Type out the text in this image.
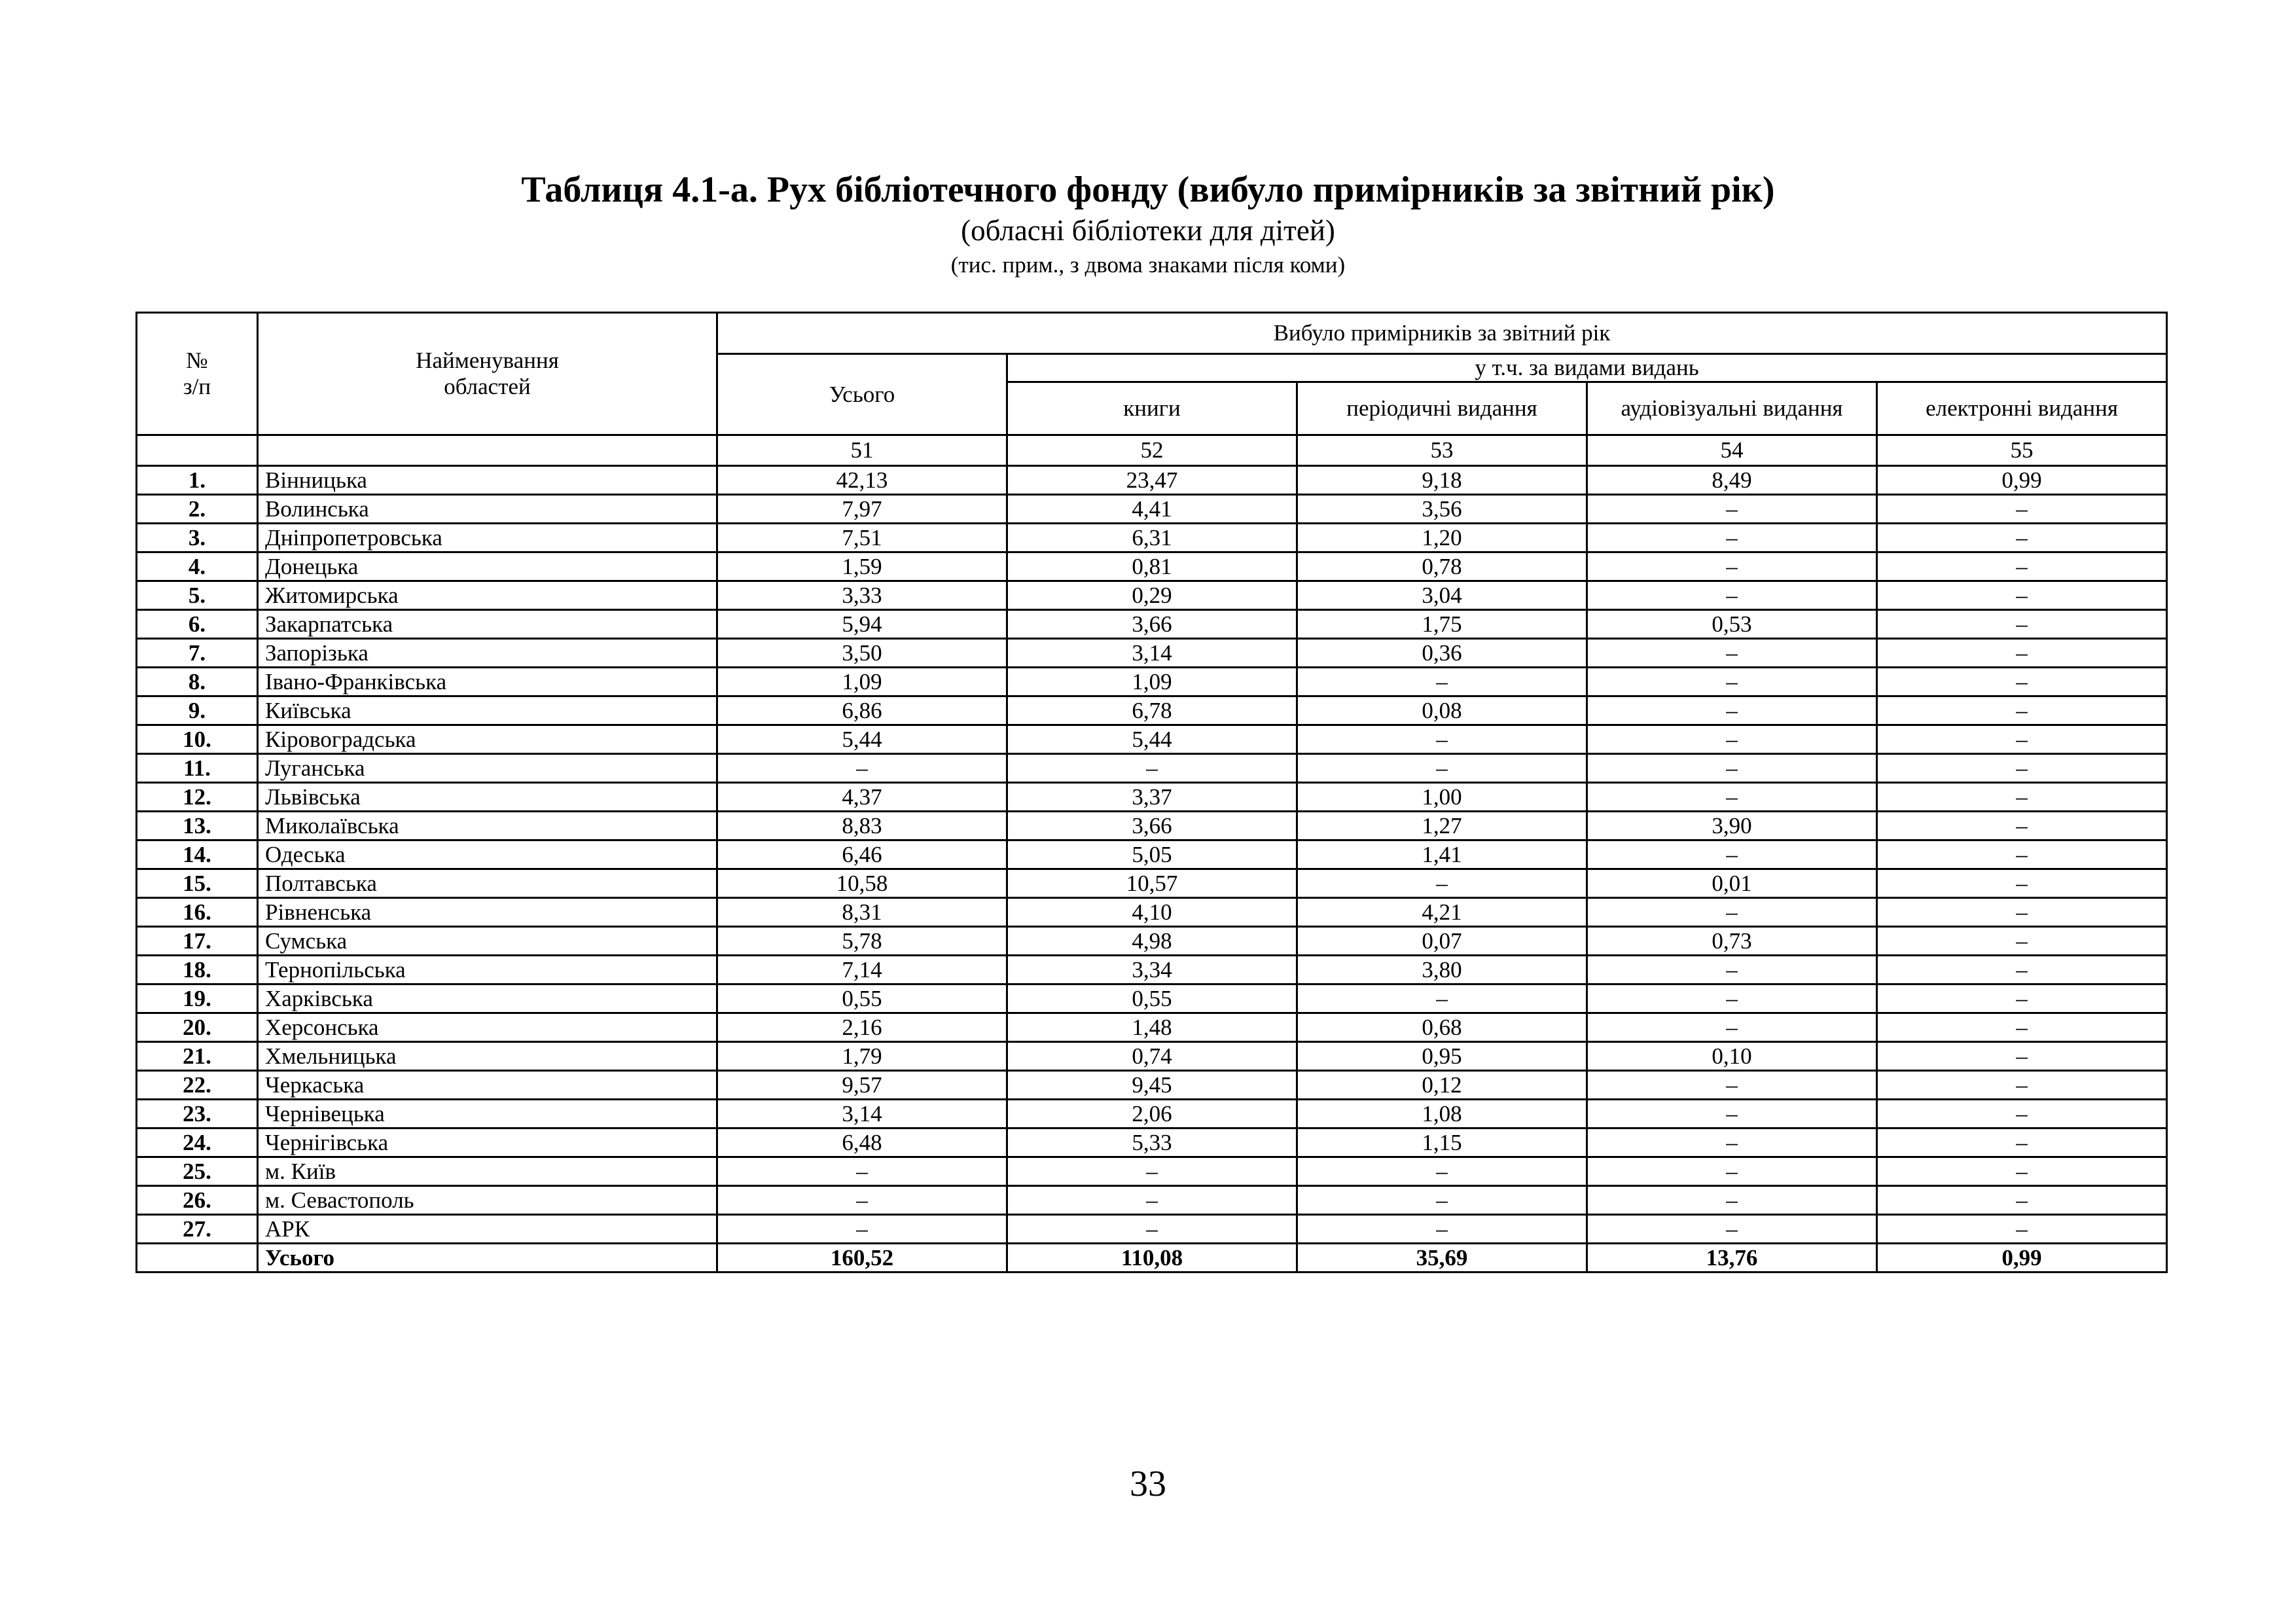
Таблиця 4.1-а. Рух бібліотечного фонду (вибуло примірників за звітний рік)
(обласні бібліотеки для дітей)
(тис. прим., з двома знаками після коми)
№
з/п	Найменування
областей	Вибуло примірників за звітний рік				
		Усього	у т.ч. за видами видань			
			книги	періодичні видання	аудіовізуальні видання	електронні видання
		51	52	53	54	55
1.	Вінницька	42,13	23,47	9,18	8,49	0,99
2.	Волинська	7,97	4,41	3,56	–	–
3.	Дніпропетровська	7,51	6,31	1,20	–	–
4.	Донецька	1,59	0,81	0,78	–	–
5.	Житомирська	3,33	0,29	3,04	–	–
6.	Закарпатська	5,94	3,66	1,75	0,53	–
7.	Запорізька	3,50	3,14	0,36	–	–
8.	Івано-Франківська	1,09	1,09	–	–	–
9.	Київська	6,86	6,78	0,08	–	–
10.	Кіровоградська	5,44	5,44	–	–	–
11.	Луганська	–	–	–	–	–
12.	Львівська	4,37	3,37	1,00	–	–
13.	Миколаївська	8,83	3,66	1,27	3,90	–
14.	Одеська	6,46	5,05	1,41	–	–
15.	Полтавська	10,58	10,57	–	0,01	–
16.	Рівненська	8,31	4,10	4,21	–	–
17.	Сумська	5,78	4,98	0,07	0,73	–
18.	Тернопільська	7,14	3,34	3,80	–	–
19.	Харківська	0,55	0,55	–	–	–
20.	Херсонська	2,16	1,48	0,68	–	–
21.	Хмельницька	1,79	0,74	0,95	0,10	–
22.	Черкаська	9,57	9,45	0,12	–	–
23.	Чернівецька	3,14	2,06	1,08	–	–
24.	Чернігівська	6,48	5,33	1,15	–	–
25.	м. Київ	–	–	–	–	–
26.	м. Севастополь	–	–	–	–	–
27.	АРК	–	–	–	–	–
	Усього	160,52	110,08	35,69	13,76	0,99
33
